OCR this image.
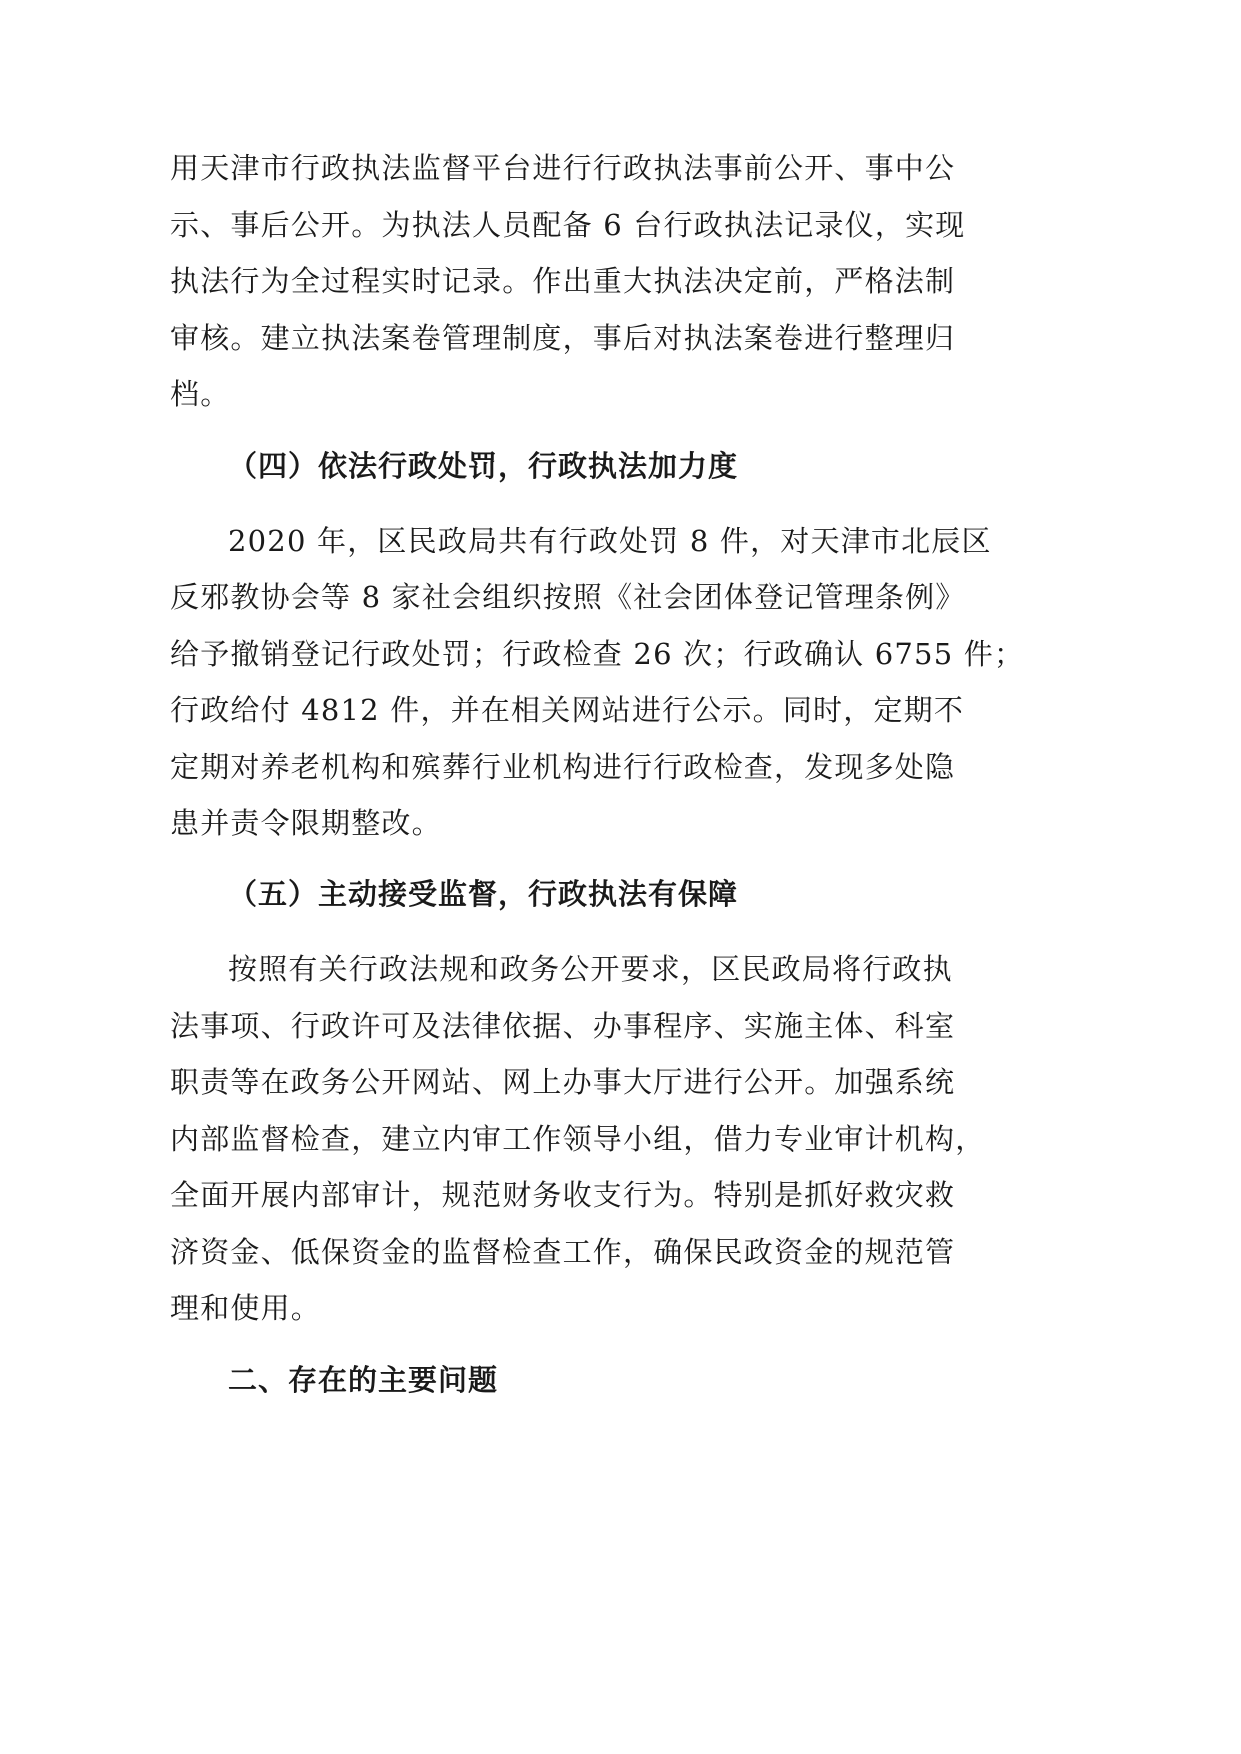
用天津市行政执法监督平台进行行政执法事前公开、事中公
示、事后公开。为执法人员配备 6 台行政执法记录仪，实现
执法行为全过程实时记录。作出重大执法决定前，严格法制
审核。建立执法案卷管理制度，事后对执法案卷进行整理归
档。
（四）依法行政处罚，行政执法加力度
2020 年，区民政局共有行政处罚 8 件，对天津市北辰区
反邪教协会等 8 家社会组织按照《社会团体登记管理条例》
给予撤销登记行政处罚；行政检查 26 次；行政确认 6755 件；
行政给付 4812 件，并在相关网站进行公示。同时，定期不
定期对养老机构和殡葬行业机构进行行政检查，发现多处隐
患并责令限期整改。
（五）主动接受监督，行政执法有保障
按照有关行政法规和政务公开要求，区民政局将行政执
法事项、行政许可及法律依据、办事程序、实施主体、科室
职责等在政务公开网站、网上办事大厅进行公开。加强系统
内部监督检查，建立内审工作领导小组，借力专业审计机构，
全面开展内部审计，规范财务收支行为。特别是抓好救灾救
济资金、低保资金的监督检查工作，确保民政资金的规范管
理和使用。
二、存在的主要问题
